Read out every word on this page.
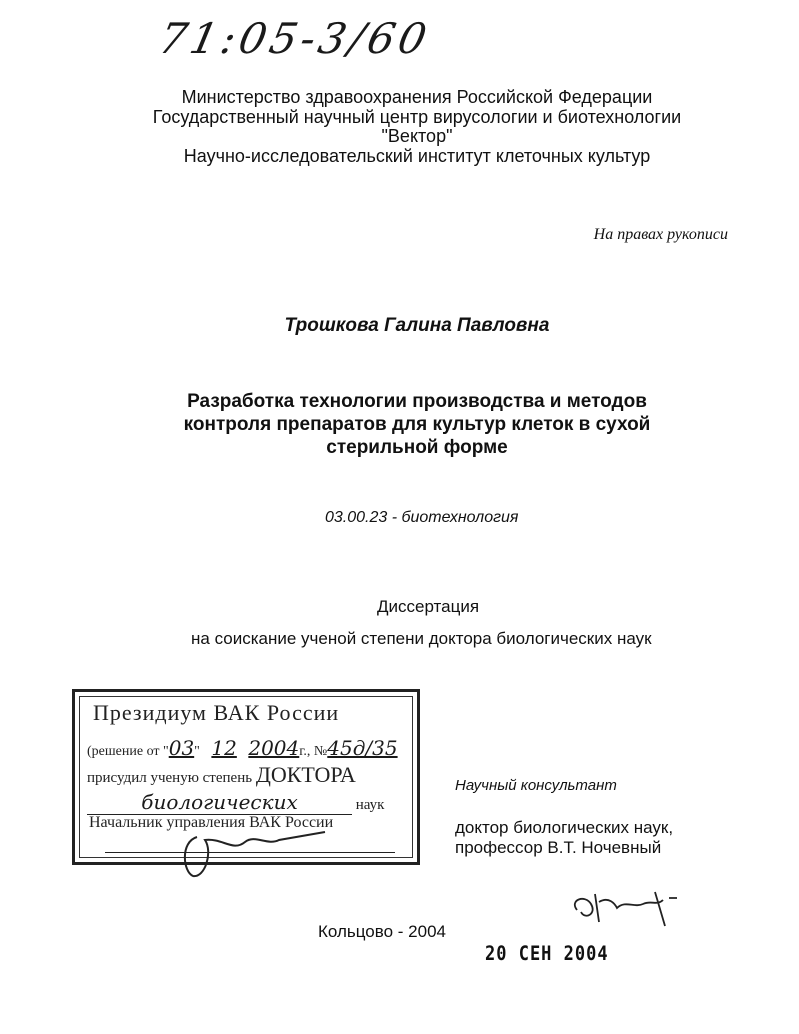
71:05-3/60
Министерство здравоохранения Российской Федерации
Государственный научный центр вирусологии и биотехнологии
"Вектор"
Научно-исследовательский институт клеточных культур
На правах рукописи
Трошкова Галина Павловна
Разработка технологии производства и методов
контроля препаратов для культур клеток в сухой
стерильной форме
03.00.23 - биотехнология
Диссертация
на соискание ученой степени доктора биологических наук
Президиум ВАК России
(решение от "03" 12 2004г., №45д/35
присудил ученую степень ДОКТОРА
биологических	наук
Начальник управления ВАК России
Научный консультант
доктор биологических наук,
профессор В.Т. Ночевный
Кольцово - 2004
20 СЕН 2004
